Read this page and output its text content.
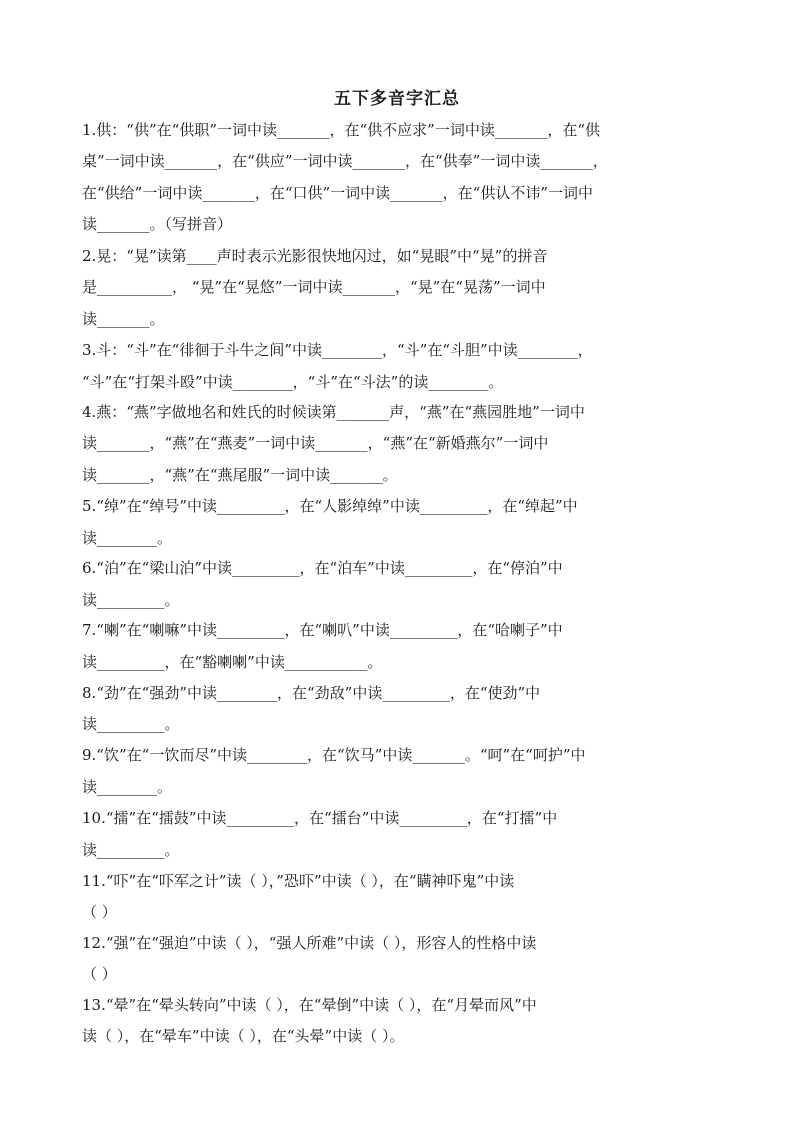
五下多音字汇总
1.供：“供”在“供职”一词中读_______，在“供不应求”一词中读_______，在“供
桌”一词中读_______，在“供应”一词中读_______，在“供奉”一词中读_______，
在“供给”一词中读_______，在“口供”一词中读_______，在“供认不讳”一词中
读_______。（写拼音）
2.晃：“晃”读第____声时表示光影很快地闪过，如“晃眼”中“晃”的拼音
是__________， “晃”在“晃悠”一词中读_______，“晃”在“晃荡”一词中
读_______。
3.斗：“斗”在“徘徊于斗牛之间”中读________，“斗”在“斗胆”中读________，
“斗”在“打架斗殴”中读________，“斗”在“斗法”的读________。
4.燕：“燕”字做地名和姓氏的时候读第_______声，“燕”在“燕园胜地”一词中
读_______，“燕”在“燕麦”一词中读_______，“燕”在“新婚燕尔”一词中
读_______，“燕”在“燕尾服”一词中读_______。
5.“绰”在“绰号”中读_________，在“人影绰绰”中读_________，在“绰起”中
读________。
6.“泊”在“梁山泊”中读_________，在“泊车”中读_________，在“停泊”中
读_________。
7.“喇”在“喇嘛”中读_________，在“喇叭”中读_________，在“哈喇子”中
读_________，在“豁喇喇”中读___________。
8.“劲”在“强劲”中读________，在“劲敌”中读_________，在“使劲”中
读_________。
9.“饮”在“一饮而尽”中读________，在“饮马”中读_______。“呵”在“呵护”中
读________。
10.“擂”在“擂鼓”中读_________，在“擂台”中读_________，在“打擂”中
读_________。
11.“吓”在“吓军之计”读（ ），”恐吓”中读（ ），在“瞒神吓鬼”中读
（ ）
12.“强”在“强迫”中读（ ），“强人所难”中读（ ），形容人的性格中读
（ ）
13.“晕”在“晕头转向”中读（ ），在“晕倒”中读（ ），在“月晕而风”中
读（ ），在“晕车”中读（ ），在“头晕”中读（ ）。
